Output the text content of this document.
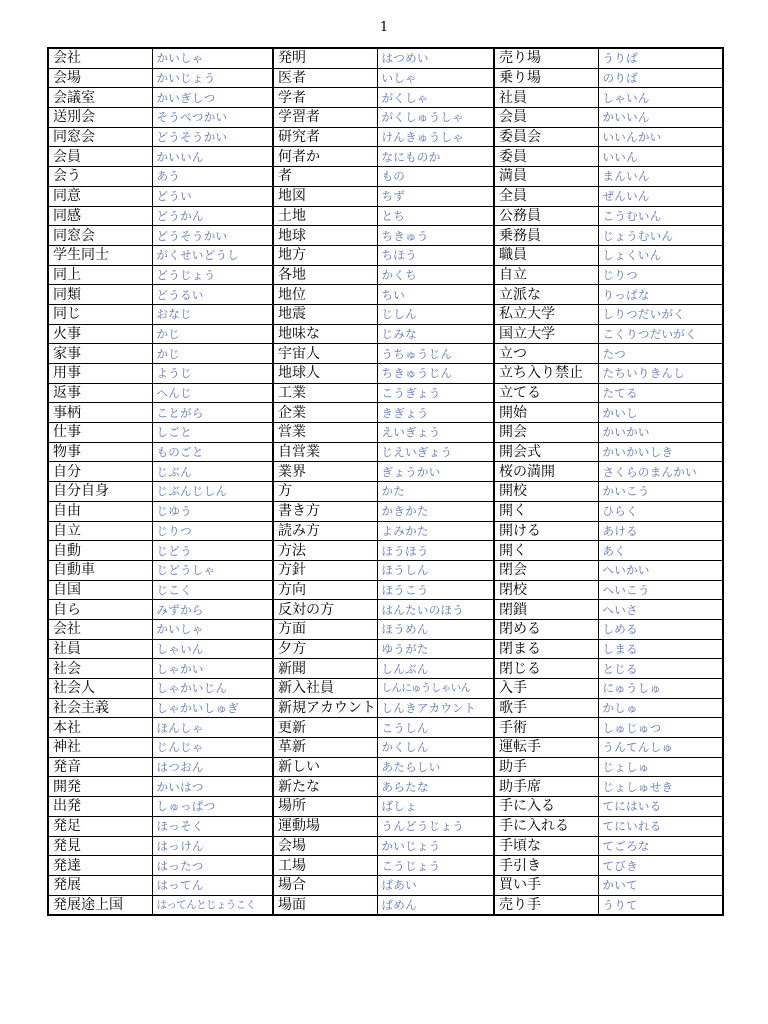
1
会社	かいしゃ	発明	はつめい	売り場	うりば
会場	かいじょう	医者	いしゃ	乗り場	のりば
会議室	かいぎしつ	学者	がくしゃ	社員	しゃいん
送別会	そうべつかい	学習者	がくしゅうしゃ	会員	かいいん
同窓会	どうそうかい	研究者	けんきゅうしゃ	委員会	いいんかい
会員	かいいん	何者か	なにものか	委員	いいん
会う	あう	者	もの	満員	まんいん
同意	どうい	地図	ちず	全員	ぜんいん
同感	どうかん	土地	とち	公務員	こうむいん
同窓会	どうそうかい	地球	ちきゅう	乗務員	じょうむいん
学生同士	がくせいどうし	地方	ちほう	職員	しょくいん
同上	どうじょう	各地	かくち	自立	じりつ
同類	どうるい	地位	ちい	立派な	りっぱな
同じ	おなじ	地震	じしん	私立大学	しりつだいがく
火事	かじ	地味な	じみな	国立大学	こくりつだいがく
家事	かじ	宇宙人	うちゅうじん	立つ	たつ
用事	ようじ	地球人	ちきゅうじん	立ち入り禁止	たちいりきんし
返事	へんじ	工業	こうぎょう	立てる	たてる
事柄	ことがら	企業	きぎょう	開始	かいし
仕事	しごと	営業	えいぎょう	開会	かいかい
物事	ものごと	自営業	じえいぎょう	開会式	かいかいしき
自分	じぶん	業界	ぎょうかい	桜の満開	さくらのまんかい
自分自身	じぶんじしん	方	かた	開校	かいこう
自由	じゆう	書き方	かきかた	開く	ひらく
自立	じりつ	読み方	よみかた	開ける	あける
自動	じどう	方法	ほうほう	開く	あく
自動車	じどうしゃ	方針	ほうしん	閉会	へいかい
自国	じこく	方向	ほうこう	閉校	へいこう
自ら	みずから	反対の方	はんたいのほう	閉鎖	へいさ
会社	かいしゃ	方面	ほうめん	閉める	しめる
社員	しゃいん	夕方	ゆうがた	閉まる	しまる
社会	しゃかい	新聞	しんぶん	閉じる	とじる
社会人	しゃかいじん	新入社員	しんにゅうしゃいん	入手	にゅうしゅ
社会主義	しゃかいしゅぎ	新規アカウント	しんきアカウント	歌手	かしゅ
本社	ほんしゃ	更新	こうしん	手術	しゅじゅつ
神社	じんじゃ	革新	かくしん	運転手	うんてんしゅ
発音	はつおん	新しい	あたらしい	助手	じょしゅ
開発	かいはつ	新たな	あらたな	助手席	じょしゅせき
出発	しゅっぱつ	場所	ばしょ	手に入る	てにはいる
発足	ほっそく	運動場	うんどうじょう	手に入れる	てにいれる
発見	はっけん	会場	かいじょう	手頃な	てごろな
発達	はったつ	工場	こうじょう	手引き	てびき
発展	はってん	場合	ばあい	買い手	かいて
発展途上国	はってんとじょうこく	場面	ばめん	売り手	うりて
